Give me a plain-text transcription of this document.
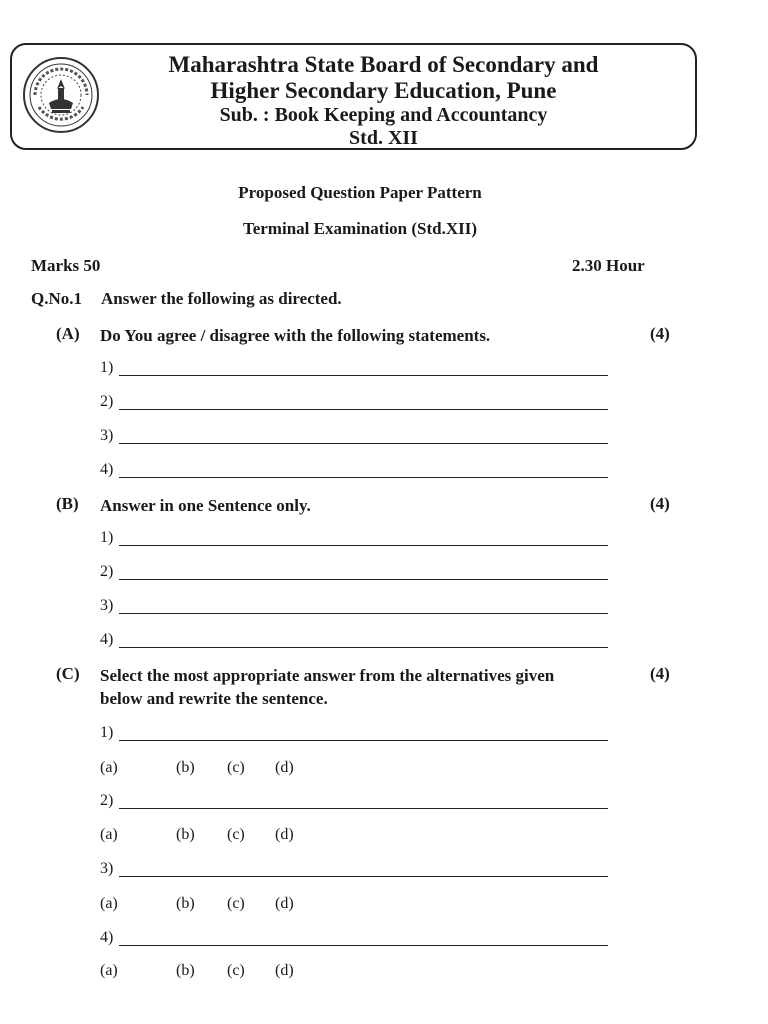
Maharashtra State Board of Secondary and
Higher Secondary Education, Pune
Sub. : Book Keeping and Accountancy
Std. XII
Proposed Question Paper Pattern
Terminal Examination (Std.XII)
Marks 50	2.30 Hour
Q.No.1 Answer the following as directed.
(A) Do You agree / disagree with the following statements.	(4)
1)
2)
3)
4)
(B) Answer in one Sentence only.	(4)
1)
2)
3)
4)
(C) Select the most appropriate answer from the alternatives given
below and rewrite the sentence.
(4)
1)
(a)	(b) (c) (d)
2)
(a)	(b) (c) (d)
3)
(a)	(b) (c) (d)
4)
(a)	(b) (c) (d)
